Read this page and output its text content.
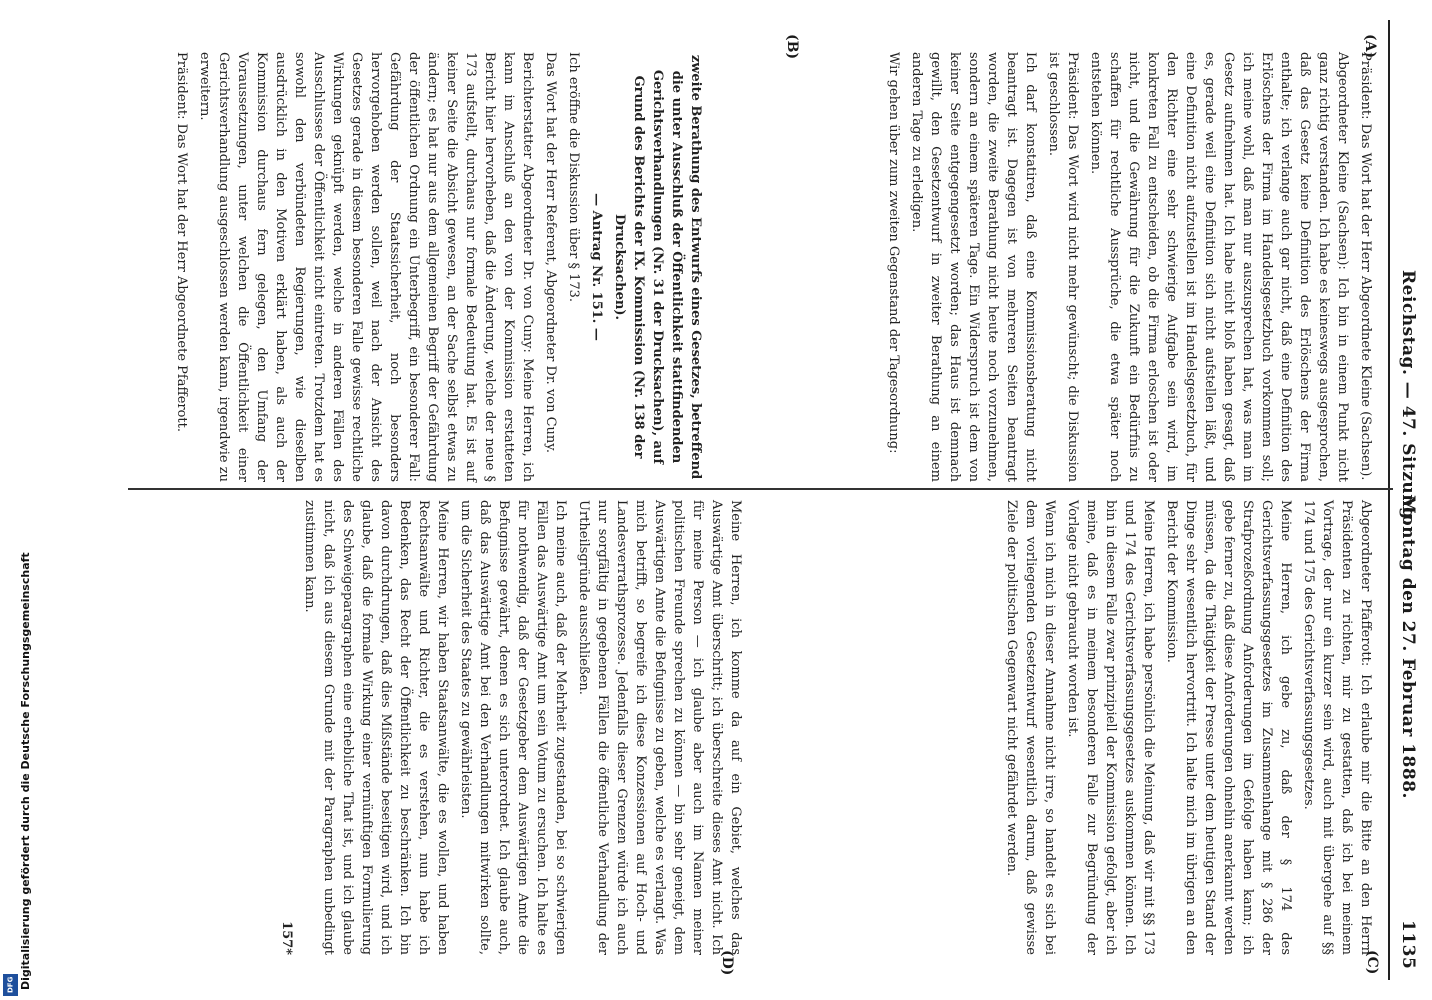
Digitalisierung gefördert durch die Deutsche Forschungsgemeinschaft
DFG
Reichstag. — 47. Sitzung.
Montag den 27. Februar 1888.
1135
(A)
(B)
(C)
(D)

Präsident: Das Wort hat der Herr Abgeordnete Kleine (Sachsen).

Abgeordneter Kleine (Sachsen): Ich bin in einem Punkt nicht ganz richtig verstanden. Ich habe es keineswegs ausgesprochen, daß das Gesetz keine Definition des Erlöschens der Firma enthalte; ich verlange auch gar nicht, daß eine Definition des Erlöschens der Firma im Handelsgesetzbuch vorkommen soll; ich meine wohl, daß man nur auszusprechen hat, was man im Gesetz aufnehmen hat. Ich habe nicht bloß haben gesagt, daß es, gerade weil eine Definition sich nicht aufstellen läßt, und eine Definition nicht aufzustellen ist im Handelsgesetzbuch, für den Richter eine sehr schwierige Aufgabe sein wird, im konkreten Fall zu entscheiden, ob die Firma erloschen ist oder nicht, und die Gewährung für die Zukunft ein Bedürfnis zu schaffen für rechtliche Aussprüche, die etwa später noch entstehen können.

Präsident: Das Wort wird nicht mehr gewünscht; die Diskussion ist geschlossen.

Ich darf konstatiren, daß eine Kommissionsberatung nicht beantragt ist. Dagegen ist von mehreren Seiten beantragt worden, die zweite Berathung nicht heute noch vorzunehmen, sondern an einem späteren Tage. Ein Widerspruch ist dem von keiner Seite entgegengesetzt worden; das Haus ist demnach gewillt, den Gesetzentwurf in zweiter Berathung an einem anderen Tage zu erledigen.

Wir gehen über zum zweiten Gegenstand der Tagesordnung:

zweite Berathung des Entwurfs eines Gesetzes, betreffend die unter Ausschluß der Öffentlichkeit stattfindenden Gerichtsverhandlungen (Nr. 31 der Drucksachen), auf Grund des Berichts der IX. Kommission (Nr. 138 der Drucksachen).

— Antrag Nr. 151. —

Ich eröffne die Diskussion über § 173.

Das Wort hat der Herr Referent, Abgeordneter Dr. von Cuny.

Berichterstatter Abgeordneter Dr. von Cuny: Meine Herren, ich kann im Anschluß an den von der Kommission erstatteten Bericht hier hervorheben, daß die Änderung, welche der neue § 173 aufstellt, durchaus nur formale Bedeutung hat. Es ist auf keiner Seite die Absicht gewesen, an der Sache selbst etwas zu ändern; es hat nur aus dem allgemeinen Begriff der Gefährdung der öffentlichen Ordnung ein Unterbegriff, ein besonderer Fall: Gefährdung der Staatssicherheit, noch besonders hervorgehoben werden sollen, weil nach der Ansicht des Gesetzes gerade in diesem besonderen Falle gewisse rechtliche Wirkungen geknüpft werden, welche in anderen Fällen des Ausschlusses der Öffentlichkeit nicht eintreten. Trotzdem hat es sowohl den verbündeten Regierungen, wie dieselben ausdrücklich in den Motiven erklärt haben, als auch der Kommission durchaus fern gelegen, den Umfang der Voraussetzungen, unter welchen die Öffentlichkeit einer Gerichtsverhandlung ausgeschlossen werden kann, irgendwie zu erweitern.

Präsident: Das Wort hat der Herr Abgeordnete Pfafferott.

Abgeordneter Pfafferott: Ich erlaube mir die Bitte an den Herrn Präsidenten zu richten, mir zu gestatten, daß ich bei meinem Vortrage, der nur ein kurzer sein wird, auch mit übergehe auf §§ 174 und 175 des Gerichtsverfassungsgesetzes.

Meine Herren, ich gebe zu, daß der § 174 des Gerichtsverfassungsgesetzes im Zusammenhange mit § 286 der Strafprozeßordnung Anforderungen im Gefolge haben kann; ich gebe ferner zu, daß diese Anforderungen ohnehin anerkannt werden müssen, da die Thätigkeit der Presse unter dem heutigen Stand der Dinge sehr wesentlich hervortritt. Ich halte mich im übrigen an den Bericht der Kommission.

Meine Herren, ich habe persönlich die Meinung, daß wir mit §§ 173 und 174 des Gerichtsverfassungsgesetzes auskommen können. Ich bin in diesem Falle zwar prinzipiell der Kommission gefolgt, aber ich meine, daß es in meinem besonderen Falle zur Begründung der Vorlage nicht gebraucht worden ist.

Wenn ich mich in dieser Annahme nicht irre, so handelt es sich bei dem vorliegenden Gesetzentwurf wesentlich darum, daß gewisse Ziele der politischen Gegenwart nicht gefährdet werden.

Meine Herren, ich komme da auf ein Gebiet, welches das Auswärtige Amt überschritt; ich überschreite dieses Amt nicht. Ich für meine Person — ich glaube aber auch im Namen meiner politischen Freunde sprechen zu können — bin sehr geneigt, dem Auswärtigen Amte die Befugnisse zu geben, welche es verlangt. Was mich betrifft, so begreife ich diese Konzessionen auf Hoch- und Landesverrathsprozesse. Jedenfalls dieser Grenzen würde ich auch nur sorgfältig in gegebenen Fällen die öffentliche Verhandlung der Urtheilsgründe ausschließen.

Ich meine auch, daß der Mehrheit zugestanden, bei so schwierigen Fällen das Auswärtige Amt um sein Votum zu ersuchen. Ich halte es für nothwendig, daß der Gesetzgeber dem Auswärtigen Amte die Befugnisse gewährt, denen es sich unterordnet. Ich glaube auch, daß das Auswärtige Amt bei den Verhandlungen mitwirken sollte, um die Sicherheit des Staates zu gewährleisten.

Meine Herren, wir haben Staatsanwälte, die es wollen, und haben Rechtsanwälte und Richter, die es verstehen, nun habe ich Bedenken, das Recht der Öffentlichkeit zu beschränken. Ich bin davon durchdrungen, daß dies Mißstände beseitigen wird, und ich glaube, daß die formale Wirkung einer vernünftigen Formulierung des Schweigeparagraphen eine erhebliche That ist, und ich glaube nicht, daß ich aus diesem Grunde mit der Paragraphen unbedingt zustimmen kann.

157*
